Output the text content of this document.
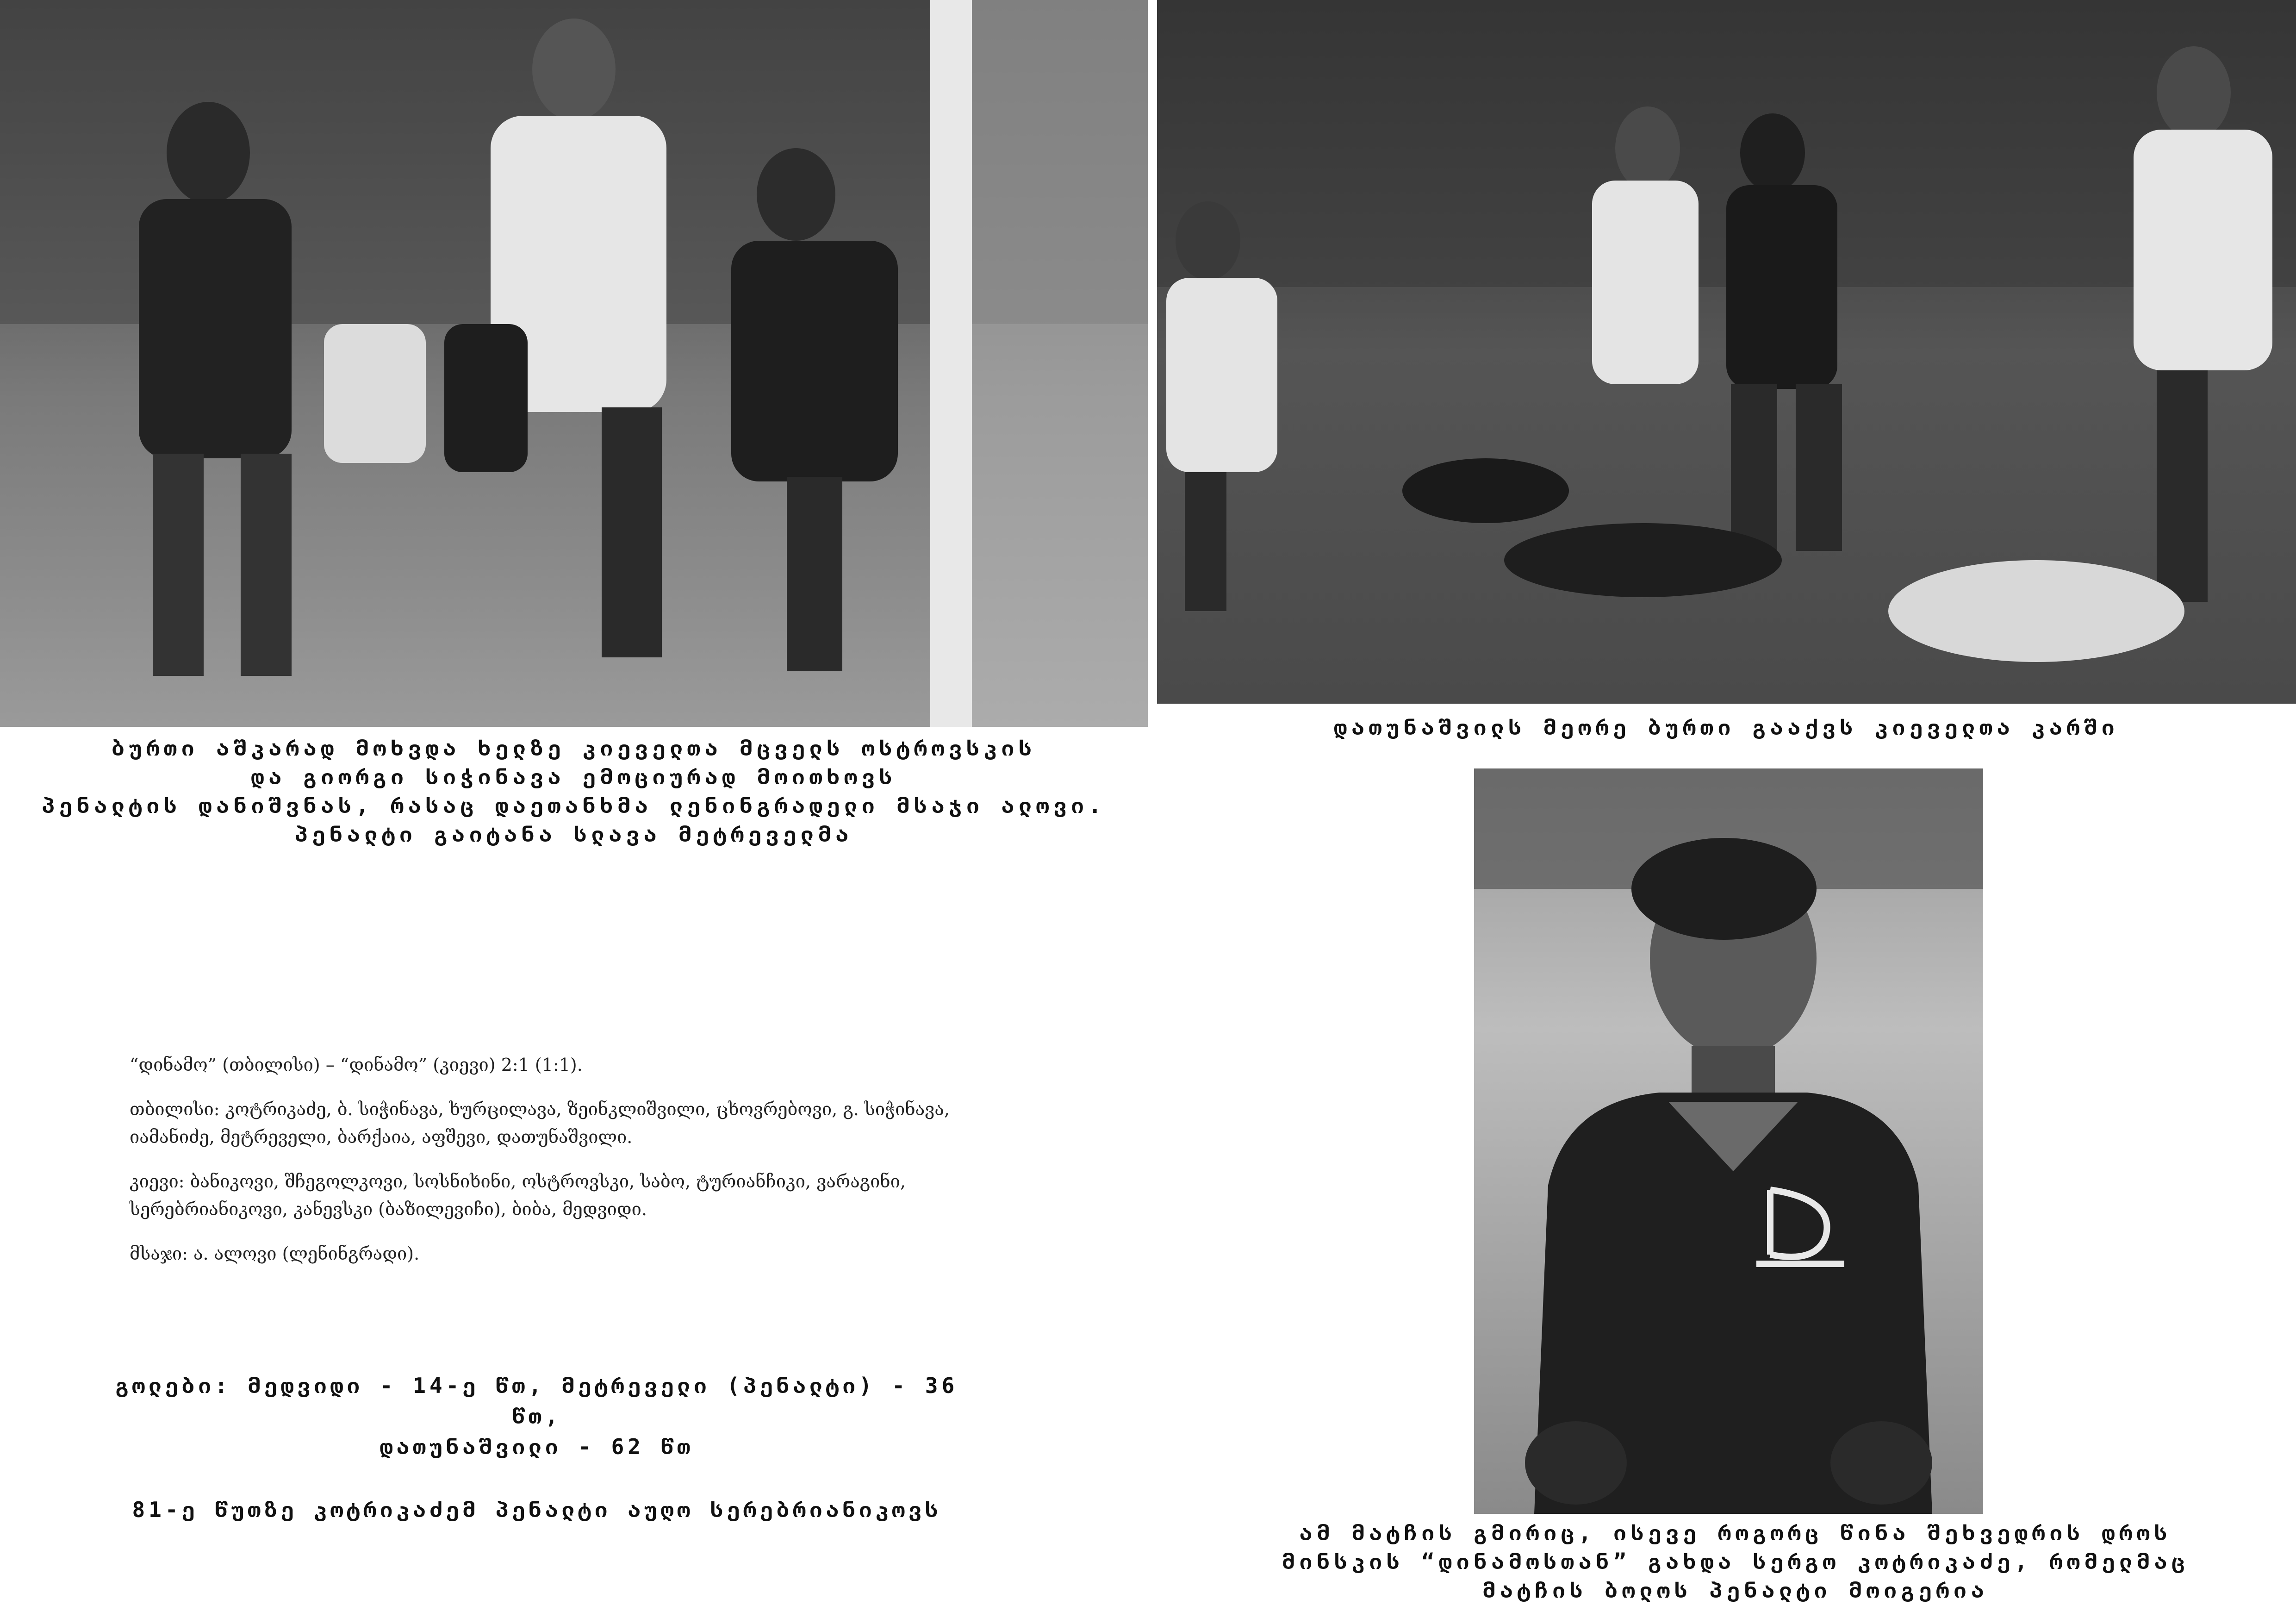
ბურთი აშკარად მოხვდა ხელზე კიეველთა მცველს ოსტროვსკის
და გიორგი სიჭინავა ემოციურად მოითხოვს
პენალტის დანიშვნას, რასაც დაეთანხმა ლენინგრადელი მსაჯი ალოვი.
პენალტი გაიტანა სლავა მეტრეველმა
დათუნაშვილს მეორე ბურთი გააქვს კიეველთა კარში
ამ მატჩის გმირიც, ისევე როგორც წინა შეხვედრის დროს
მინსკის “დინამოსთან” გახდა სერგო კოტრიკაძე, რომელმაც
მატჩის ბოლოს პენალტი მოიგერია

“დინამო” (თბილისი) – “დინამო” (კიევი) 2:1 (1:1).

თბილისი: კოტრიკაძე, ბ. სიჭინავა, ხურცილავა, ზეინკლიშვილი, ცხოვრებოვი, გ. სიჭინავა, იამანიძე, მეტრეველი, ბარქაია, აფშევი, დათუნაშვილი.

კიევი: ბანიკოვი, შჩეგოლკოვი, სოსნიხინი, ოსტროვსკი, საბო, ტურიანჩიკი, ვარაგინი, სერებრიანიკოვი, კანევსკი (ბაზილევიჩი), ბიბა, მედვიდი.

მსაჯი: ა. ალოვი (ლენინგრადი).

გოლები: მედვიდი - 14-ე წთ, მეტრეველი (პენალტი) - 36 წთ,
დათუნაშვილი - 62 წთ
81-ე წუთზე კოტრიკაძემ პენალტი აუღო სერებრიანიკოვს
